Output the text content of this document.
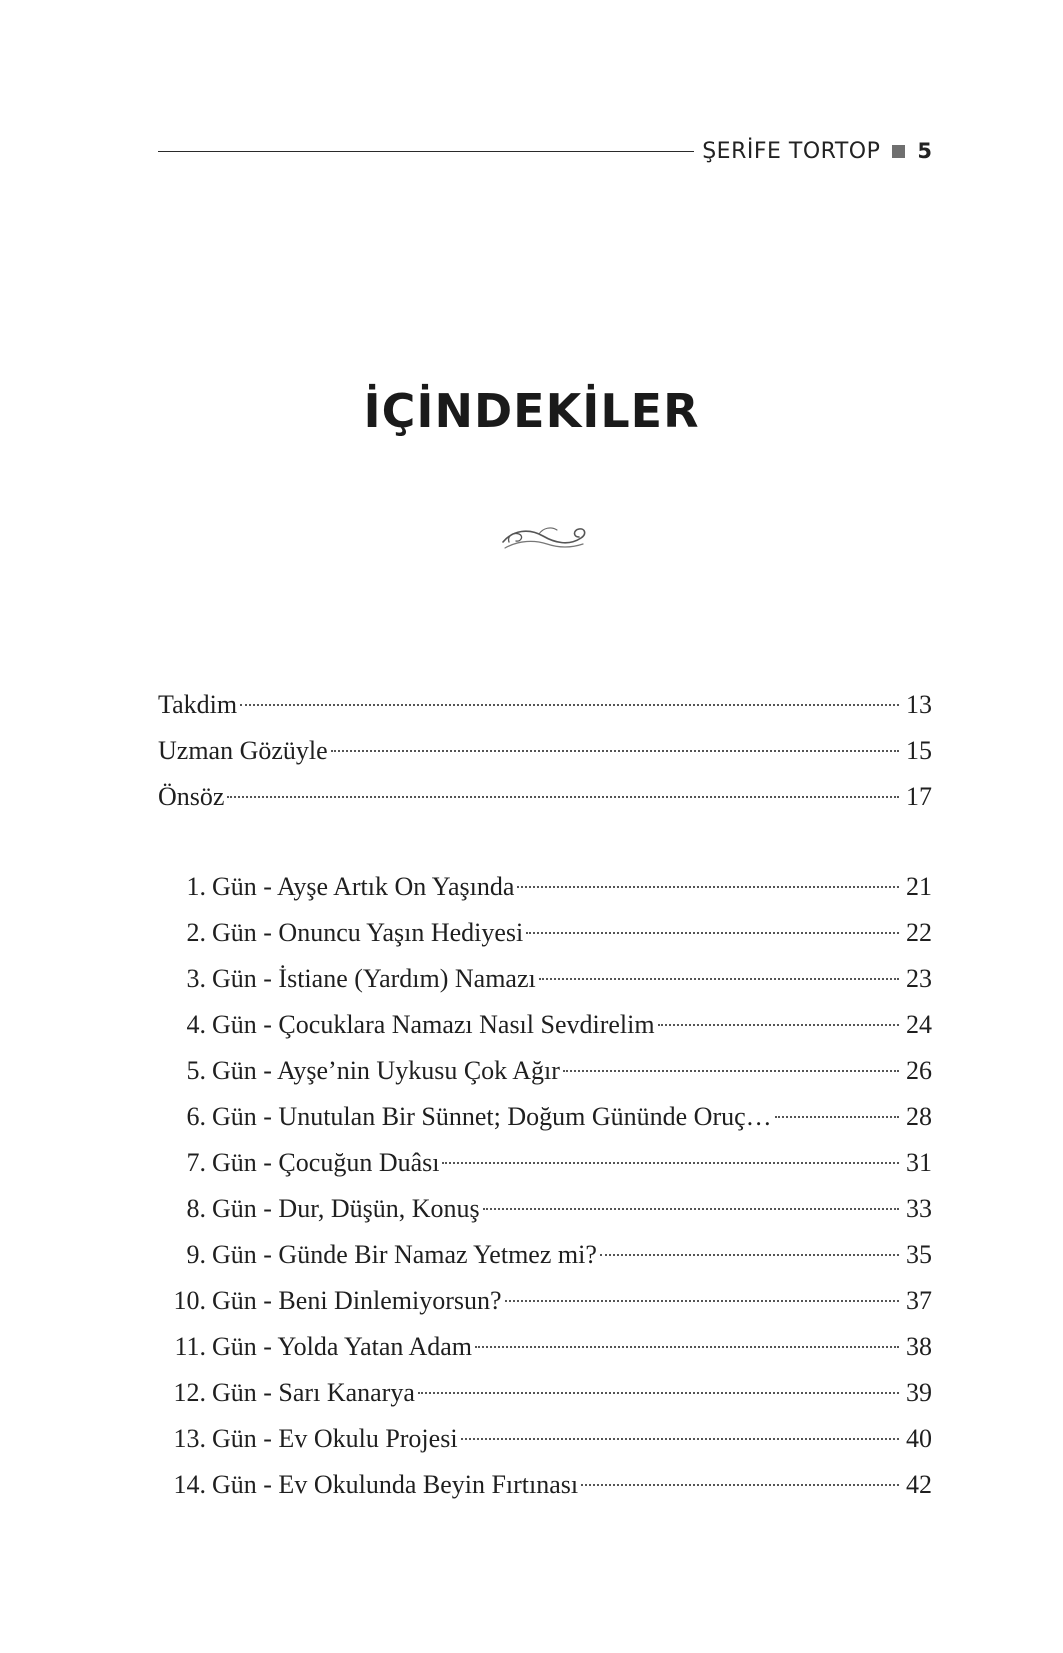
ŞERİFE TORTOP 5
İÇİNDEKİLER
Takdim	13
Uzman Gözüyle	15
Önsöz	17
1. Gün - Ayşe Artık On Yaşında	21
2. Gün - Onuncu Yaşın Hediyesi	22
3. Gün - İstiane (Yardım) Namazı	23
4. Gün - Çocuklara Namazı Nasıl Sevdirelim	24
5. Gün - Ayşe’nin Uykusu Çok Ağır	26
6. Gün - Unutulan Bir Sünnet; Doğum Gününde Oruç…	28
7. Gün - Çocuğun Duâsı	31
8. Gün - Dur, Düşün, Konuş	33
9. Gün - Günde Bir Namaz Yetmez mi?	35
10. Gün - Beni Dinlemiyorsun?	37
11. Gün - Yolda Yatan Adam	38
12. Gün - Sarı Kanarya	39
13. Gün - Ev Okulu Projesi	40
14. Gün - Ev Okulunda Beyin Fırtınası	42
